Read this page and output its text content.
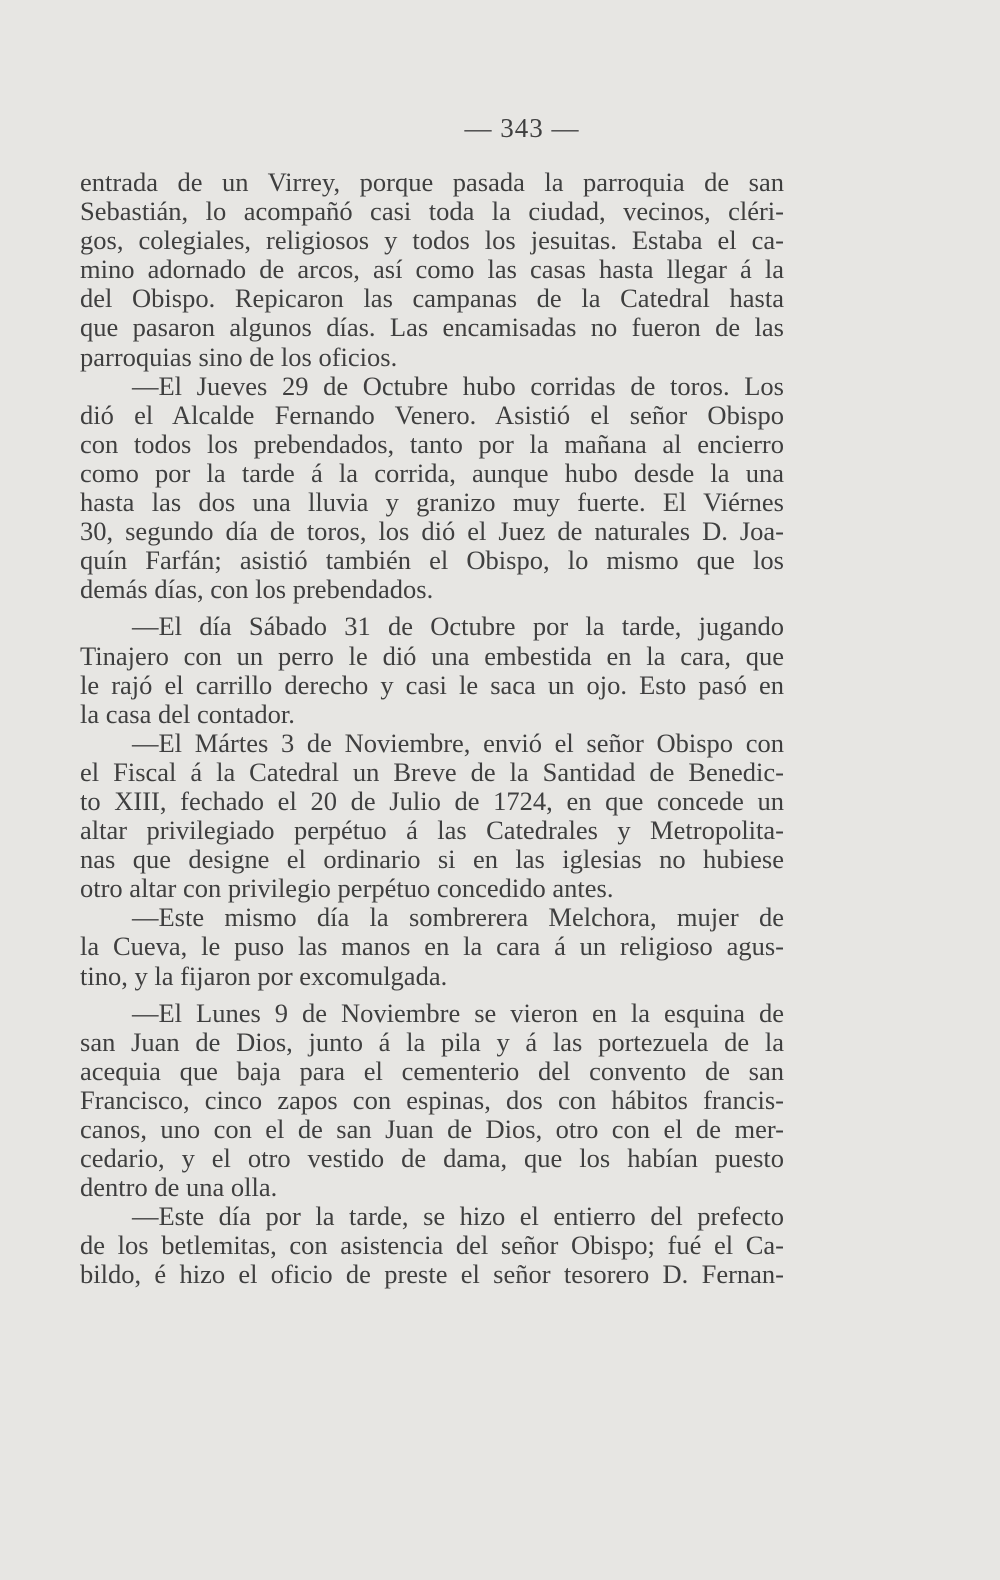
— 343 —
entrada de un Virrey, porque pasada la parroquia de san
Sebastián, lo acompañó casi toda la ciudad, vecinos, cléri-
gos, colegiales, religiosos y todos los jesuitas. Estaba el ca-
mino adornado de arcos, así como las casas hasta llegar á la
del Obispo. Repicaron las campanas de la Catedral hasta
que pasaron algunos días. Las encamisadas no fueron de las
parroquias sino de los oficios.
—El Jueves 29 de Octubre hubo corridas de toros. Los
dió el Alcalde Fernando Venero. Asistió el señor Obispo
con todos los prebendados, tanto por la mañana al encierro
como por la tarde á la corrida, aunque hubo desde la una
hasta las dos una lluvia y granizo muy fuerte. El Viérnes
30, segundo día de toros, los dió el Juez de naturales D. Joa-
quín Farfán; asistió también el Obispo, lo mismo que los
demás días, con los prebendados.
—El día Sábado 31 de Octubre por la tarde, jugando
Tinajero con un perro le dió una embestida en la cara, que
le rajó el carrillo derecho y casi le saca un ojo. Esto pasó en
la casa del contador.
—El Mártes 3 de Noviembre, envió el señor Obispo con
el Fiscal á la Catedral un Breve de la Santidad de Benedic-
to XIII, fechado el 20 de Julio de 1724, en que concede un
altar privilegiado perpétuo á las Catedrales y Metropolita-
nas que designe el ordinario si en las iglesias no hubiese
otro altar con privilegio perpétuo concedido antes.
—Este mismo día la sombrerera Melchora, mujer de
la Cueva, le puso las manos en la cara á un religioso agus-
tino, y la fijaron por excomulgada.
—El Lunes 9 de Noviembre se vieron en la esquina de
san Juan de Dios, junto á la pila y á las portezuela de la
acequia que baja para el cementerio del convento de san
Francisco, cinco zapos con espinas, dos con hábitos francis-
canos, uno con el de san Juan de Dios, otro con el de mer-
cedario, y el otro vestido de dama, que los habían puesto
dentro de una olla.
—Este día por la tarde, se hizo el entierro del prefecto
de los betlemitas, con asistencia del señor Obispo; fué el Ca-
bildo, é hizo el oficio de preste el señor tesorero D. Fernan-
